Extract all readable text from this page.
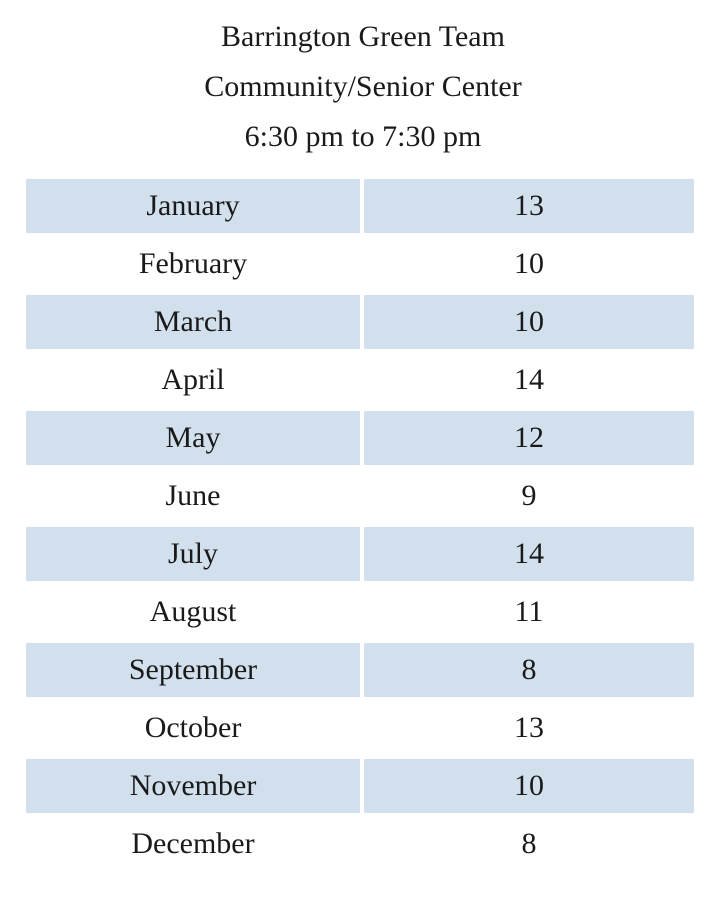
Barrington Green Team
Community/Senior Center
6:30 pm to 7:30 pm
January	13
February	10
March	10
April	14
May	12
June	9
July	14
August	11
September	8
October	13
November	10
December	8
